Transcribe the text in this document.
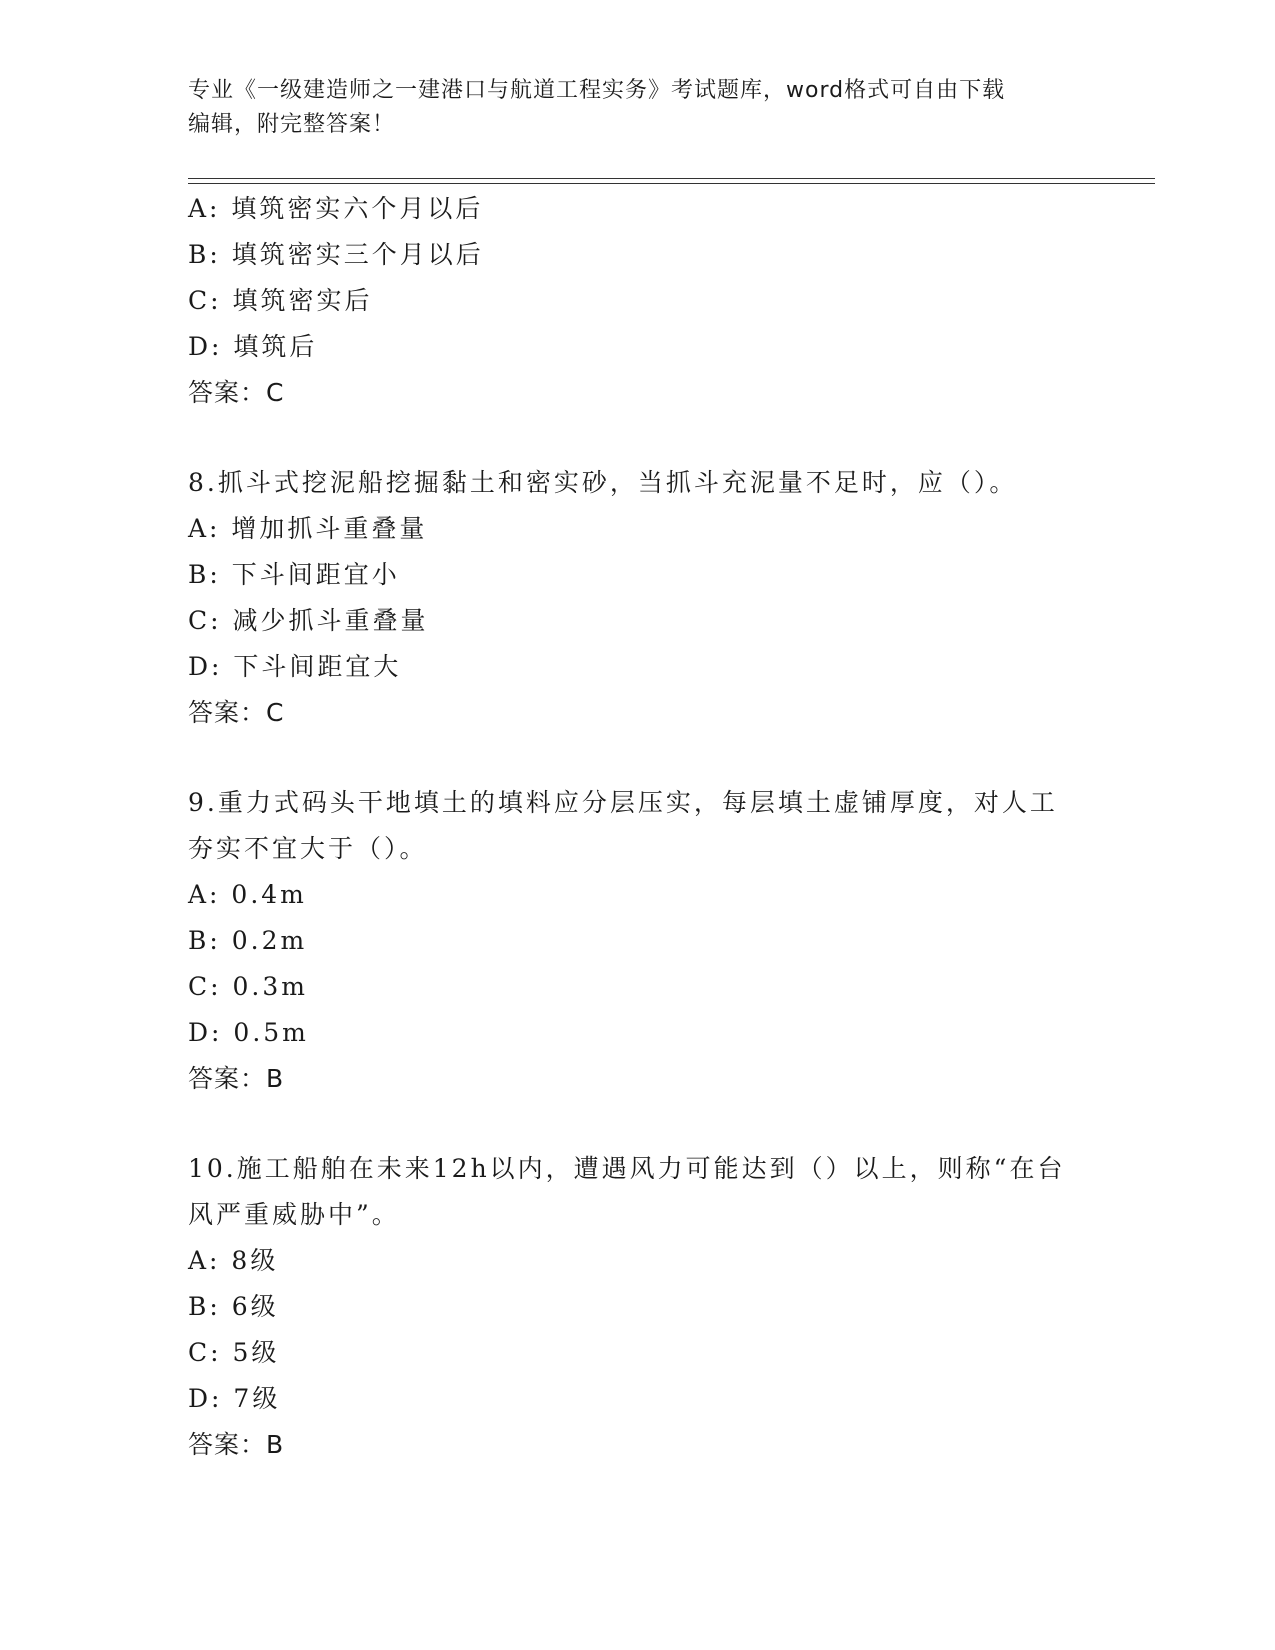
专业《一级建造师之一建港口与航道工程实务》考试题库，word格式可自由下载
编辑，附完整答案！
A: 填筑密实六个月以后
B: 填筑密实三个月以后
C: 填筑密实后
D: 填筑后
答案：C
8.抓斗式挖泥船挖掘黏土和密实砂，当抓斗充泥量不足时，应（）。
A: 增加抓斗重叠量
B: 下斗间距宜小
C: 减少抓斗重叠量
D: 下斗间距宜大
答案：C
9.重力式码头干地填土的填料应分层压实，每层填土虚铺厚度，对人工夯实不宜大于（）。
A: 0.4m
B: 0.2m
C: 0.3m
D: 0.5m
答案：B
10.施工船舶在未来12h以内，遭遇风力可能达到（）以上，则称“在台风严重威胁中”。
A: 8级
B: 6级
C: 5级
D: 7级
答案：B
